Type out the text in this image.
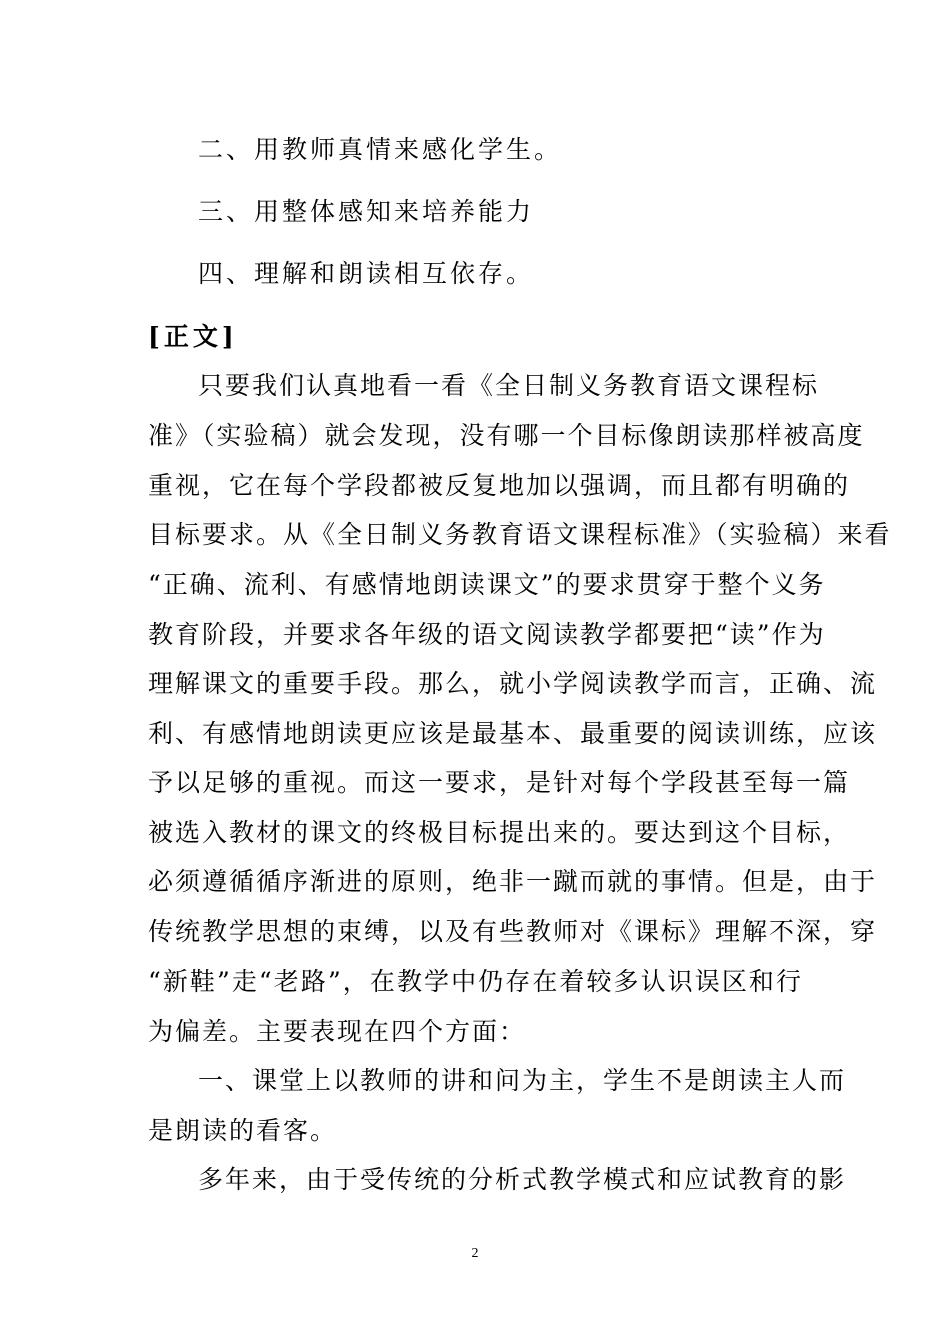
二、用教师真情来感化学生。
三、用整体感知来培养能力
四、理解和朗读相互依存。
[正文]
只要我们认真地看一看《全日制义务教育语文课程标
准》（实验稿）就会发现，没有哪一个目标像朗读那样被高度
重视，它在每个学段都被反复地加以强调，而且都有明确的
目标要求。从《全日制义务教育语文课程标准》（实验稿）来看
“正确、流利、有感情地朗读课文”的要求贯穿于整个义务
教育阶段，并要求各年级的语文阅读教学都要把“读”作为
理解课文的重要手段。那么，就小学阅读教学而言，正确、流
利、有感情地朗读更应该是最基本、最重要的阅读训练，应该
予以足够的重视。而这一要求，是针对每个学段甚至每一篇
被选入教材的课文的终极目标提出来的。要达到这个目标，
必须遵循循序渐进的原则，绝非一蹴而就的事情。但是，由于
传统教学思想的束缚，以及有些教师对《课标》理解不深，穿
“新鞋”走“老路”，在教学中仍存在着较多认识误区和行
为偏差。主要表现在四个方面：
一、课堂上以教师的讲和问为主，学生不是朗读主人而
是朗读的看客。
多年来，由于受传统的分析式教学模式和应试教育的影
2
